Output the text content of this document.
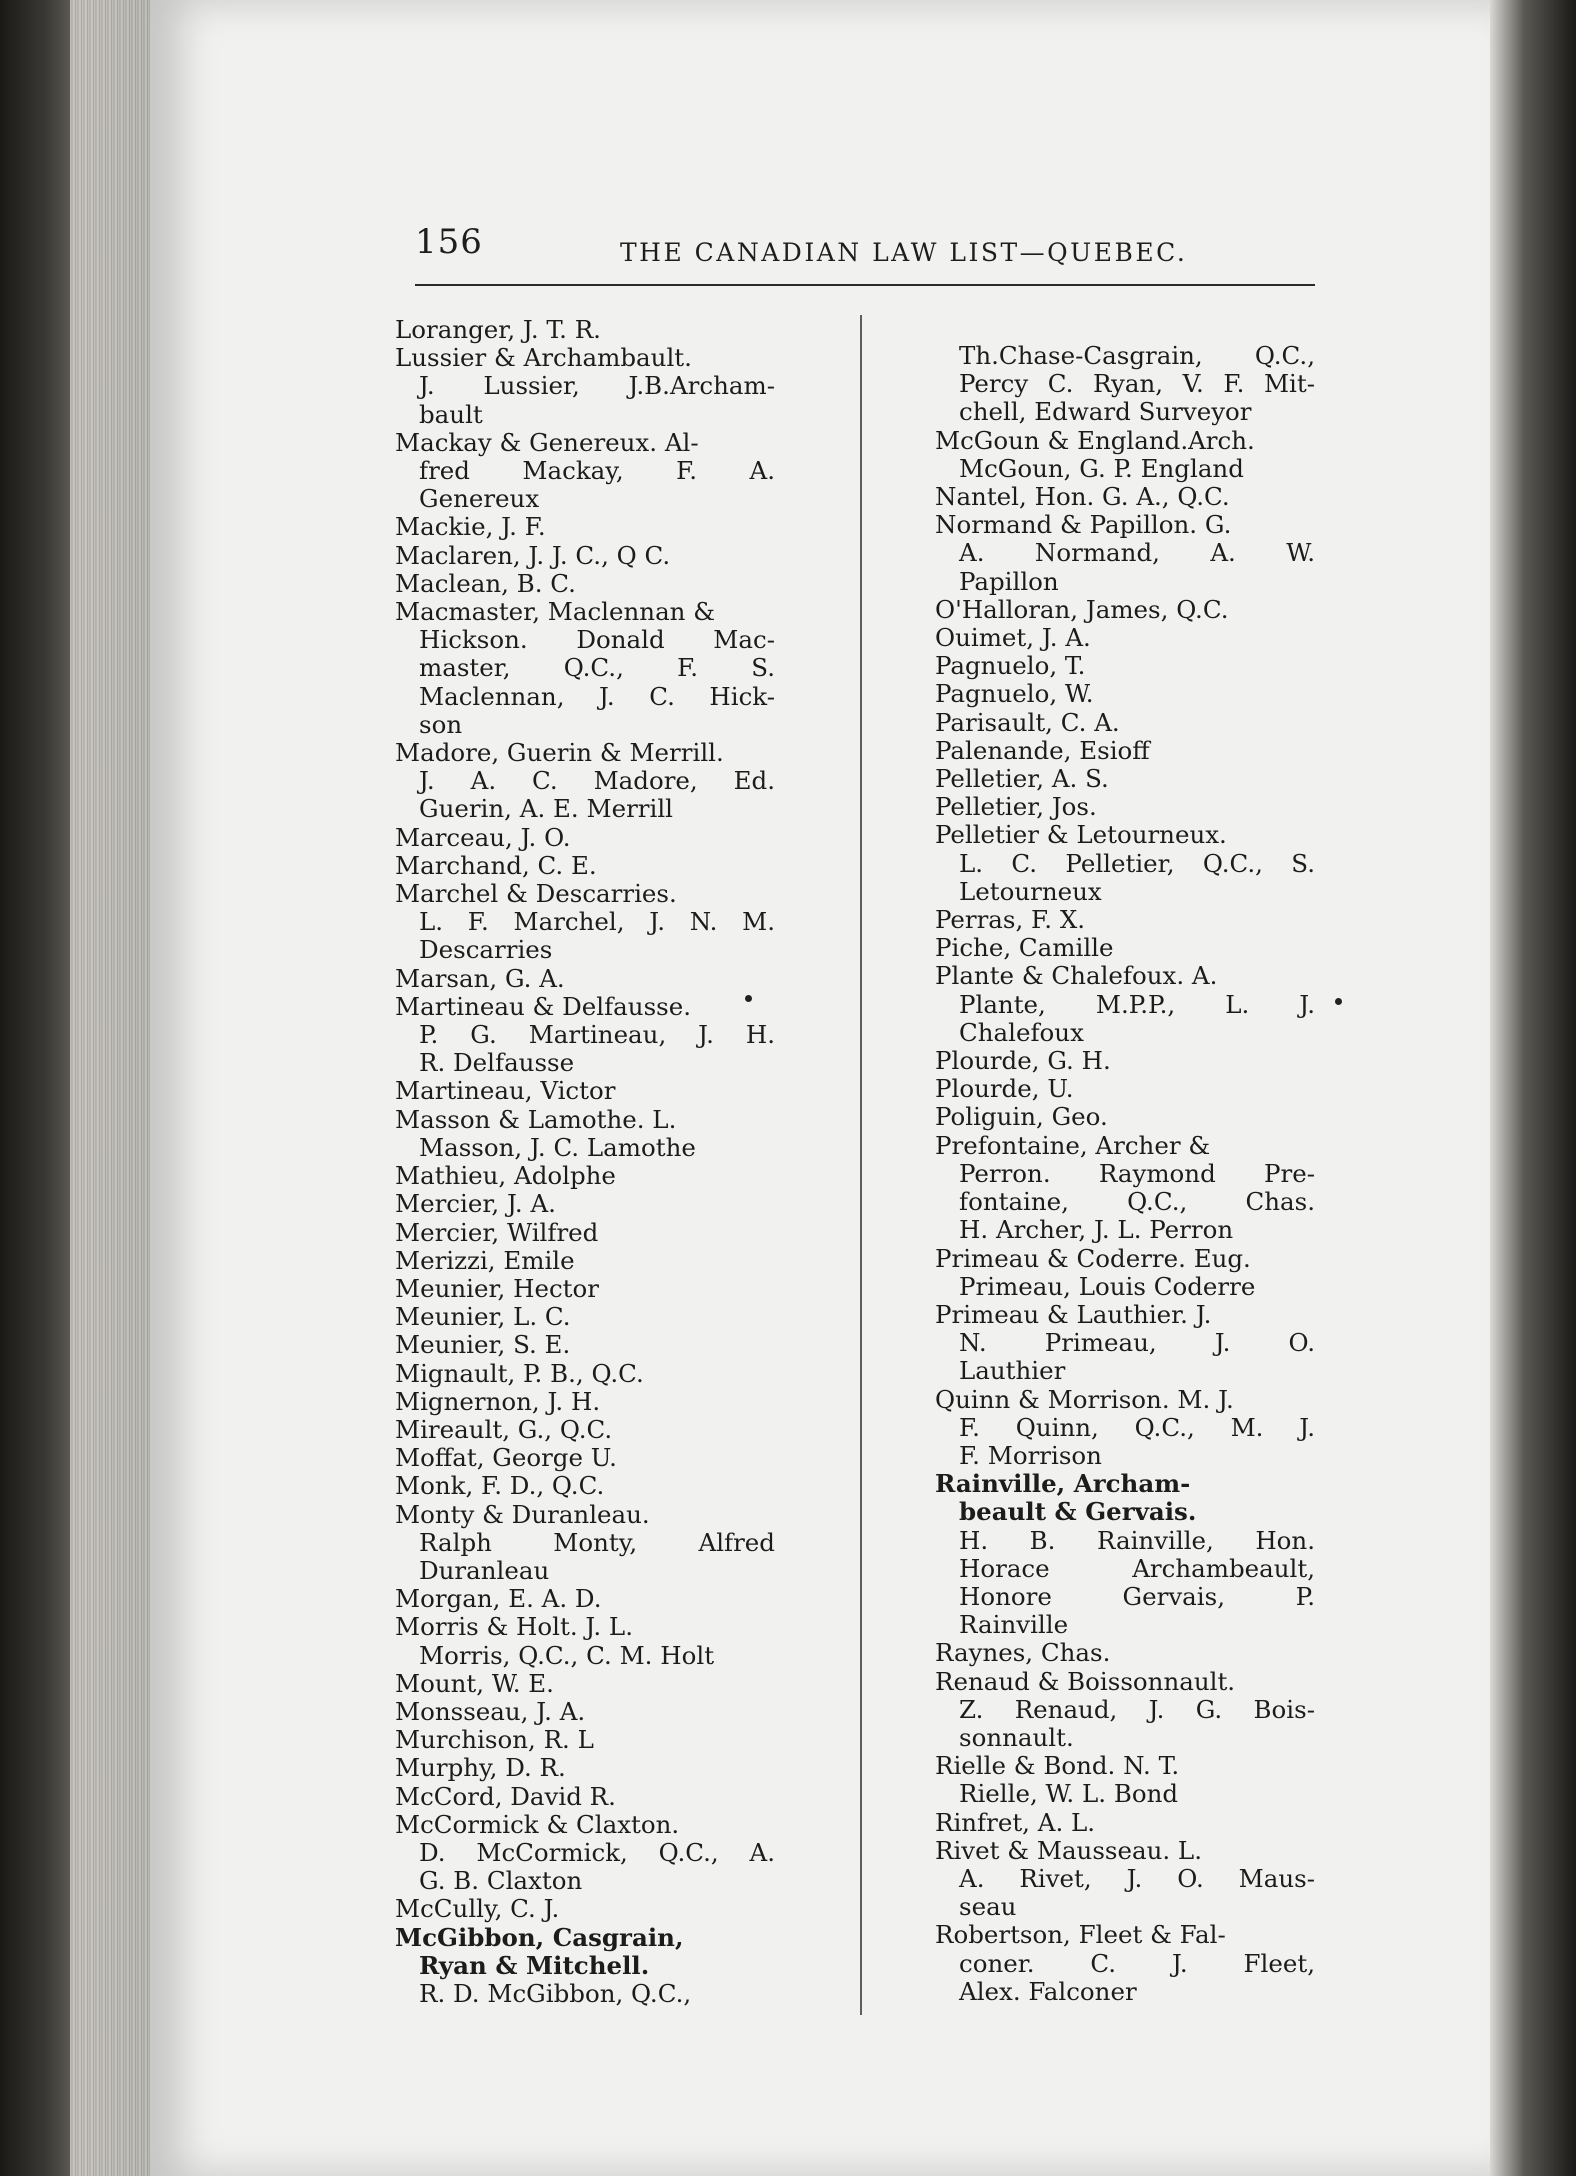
156	THE CANADIAN LAW LIST—QUEBEC.
Loranger, J. T. R.
Lussier & Archambault.
J. Lussier, J.B.Archam-
bault
Mackay & Genereux. Al-
fred Mackay, F. A.
Genereux
Mackie, J. F.
Maclaren, J. J. C., Q C.
Maclean, B. C.
Macmaster, Maclennan &
Hickson. Donald Mac-
master, Q.C., F. S.
Maclennan, J. C. Hick-
son
Madore, Guerin & Merrill.
J. A. C. Madore, Ed.
Guerin, A. E. Merrill
Marceau, J. O.
Marchand, C. E.
Marchel & Descarries.
L. F. Marchel, J. N. M.
Descarries
Marsan, G. A.
Martineau & Delfausse.
P. G. Martineau, J. H.
R. Delfausse
Martineau, Victor
Masson & Lamothe. L.
Masson, J. C. Lamothe
Mathieu, Adolphe
Mercier, J. A.
Mercier, Wilfred
Merizzi, Emile
Meunier, Hector
Meunier, L. C.
Meunier, S. E.
Mignault, P. B., Q.C.
Mignernon, J. H.
Mireault, G., Q.C.
Moffat, George U.
Monk, F. D., Q.C.
Monty & Duranleau.
Ralph Monty, Alfred
Duranleau
Morgan, E. A. D.
Morris & Holt. J. L.
Morris, Q.C., C. M. Holt
Mount, W. E.
Monsseau, J. A.
Murchison, R. L
Murphy, D. R.
McCord, David R.
McCormick & Claxton.
D. McCormick, Q.C., A.
G. B. Claxton
McCully, C. J.
McGibbon, Casgrain,
Ryan & Mitchell.
R. D. McGibbon, Q.C.,
Th.Chase-Casgrain, Q.C.,
Percy C. Ryan, V. F. Mit-
chell, Edward Surveyor
McGoun & England.Arch.
McGoun, G. P. England
Nantel, Hon. G. A., Q.C.
Normand & Papillon. G.
A. Normand, A. W.
Papillon
O'Halloran, James, Q.C.
Ouimet, J. A.
Pagnuelo, T.
Pagnuelo, W.
Parisault, C. A.
Palenande, Esioff
Pelletier, A. S.
Pelletier, Jos.
Pelletier & Letourneux.
L. C. Pelletier, Q.C., S.
Letourneux
Perras, F. X.
Piche, Camille
Plante & Chalefoux. A.
Plante, M.P.P., L. J.
Chalefoux
Plourde, G. H.
Plourde, U.
Poliguin, Geo.
Prefontaine, Archer &
Perron. Raymond Pre-
fontaine, Q.C., Chas.
H. Archer, J. L. Perron
Primeau & Coderre. Eug.
Primeau, Louis Coderre
Primeau & Lauthier. J.
N. Primeau, J. O.
Lauthier
Quinn & Morrison. M. J.
F. Quinn, Q.C., M. J.
F. Morrison
Rainville, Archam-
beault & Gervais.
H. B. Rainville, Hon.
Horace Archambeault,
Honore Gervais, P.
Rainville
Raynes, Chas.
Renaud & Boissonnault.
Z. Renaud, J. G. Bois-
sonnault.
Rielle & Bond. N. T.
Rielle, W. L. Bond
Rinfret, A. L.
Rivet & Mausseau. L.
A. Rivet, J. O. Maus-
seau
Robertson, Fleet & Fal-
coner. C. J. Fleet,
Alex. Falconer
